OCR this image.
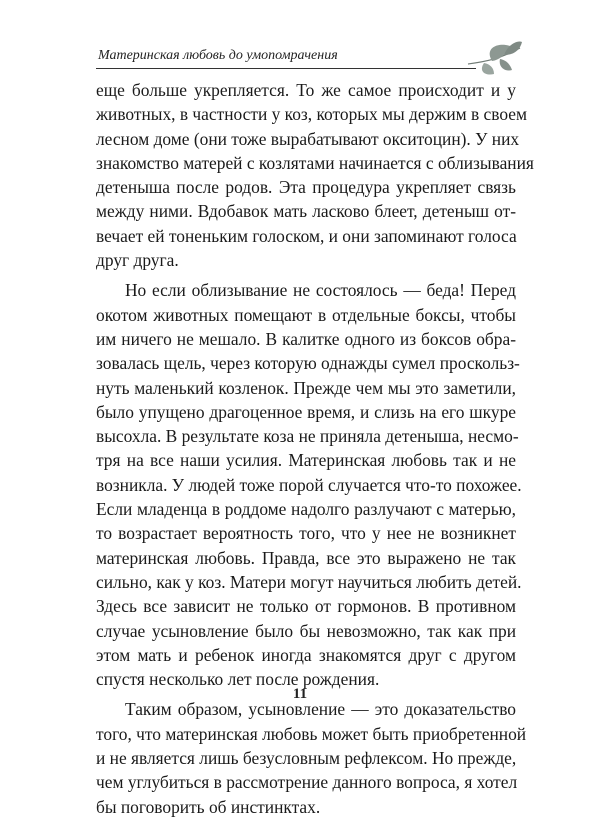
Материнская любовь до умопомрачения
еще больше укрепляется. То же самое происходит и у
животных, в частности у коз, которых мы держим в своем
лесном доме (они тоже вырабатывают окситоцин). У них
знакомство матерей с козлятами начинается с облизывания
детеныша после родов. Эта процедура укрепляет связь
между ними. Вдобавок мать ласково блеет, детеныш от-
вечает ей тоненьким голоском, и они запоминают голоса
друг друга.
Но если облизывание не состоялось — беда! Перед
окотом животных помещают в отдельные боксы, чтобы
им ничего не мешало. В калитке одного из боксов обра-
зовалась щель, через которую однажды сумел проскольз-
нуть маленький козленок. Прежде чем мы это заметили,
было упущено драгоценное время, и слизь на его шкуре
высохла. В результате коза не приняла детеныша, несмо-
тря на все наши усилия. Материнская любовь так и не
возникла. У людей тоже порой случается что-то похожее.
Если младенца в роддоме надолго разлучают с матерью,
то возрастает вероятность того, что у нее не возникнет
материнская любовь. Правда, все это выражено не так
сильно, как у коз. Матери могут научиться любить детей.
Здесь все зависит не только от гормонов. В противном
случае усыновление было бы невозможно, так как при
этом мать и ребенок иногда знакомятся друг с другом
спустя несколько лет после рождения.
Таким образом, усыновление — это доказательство
того, что материнская любовь может быть приобретенной
и не является лишь безусловным рефлексом. Но прежде,
чем углубиться в рассмотрение данного вопроса, я хотел
бы поговорить об инстинктах.
11
